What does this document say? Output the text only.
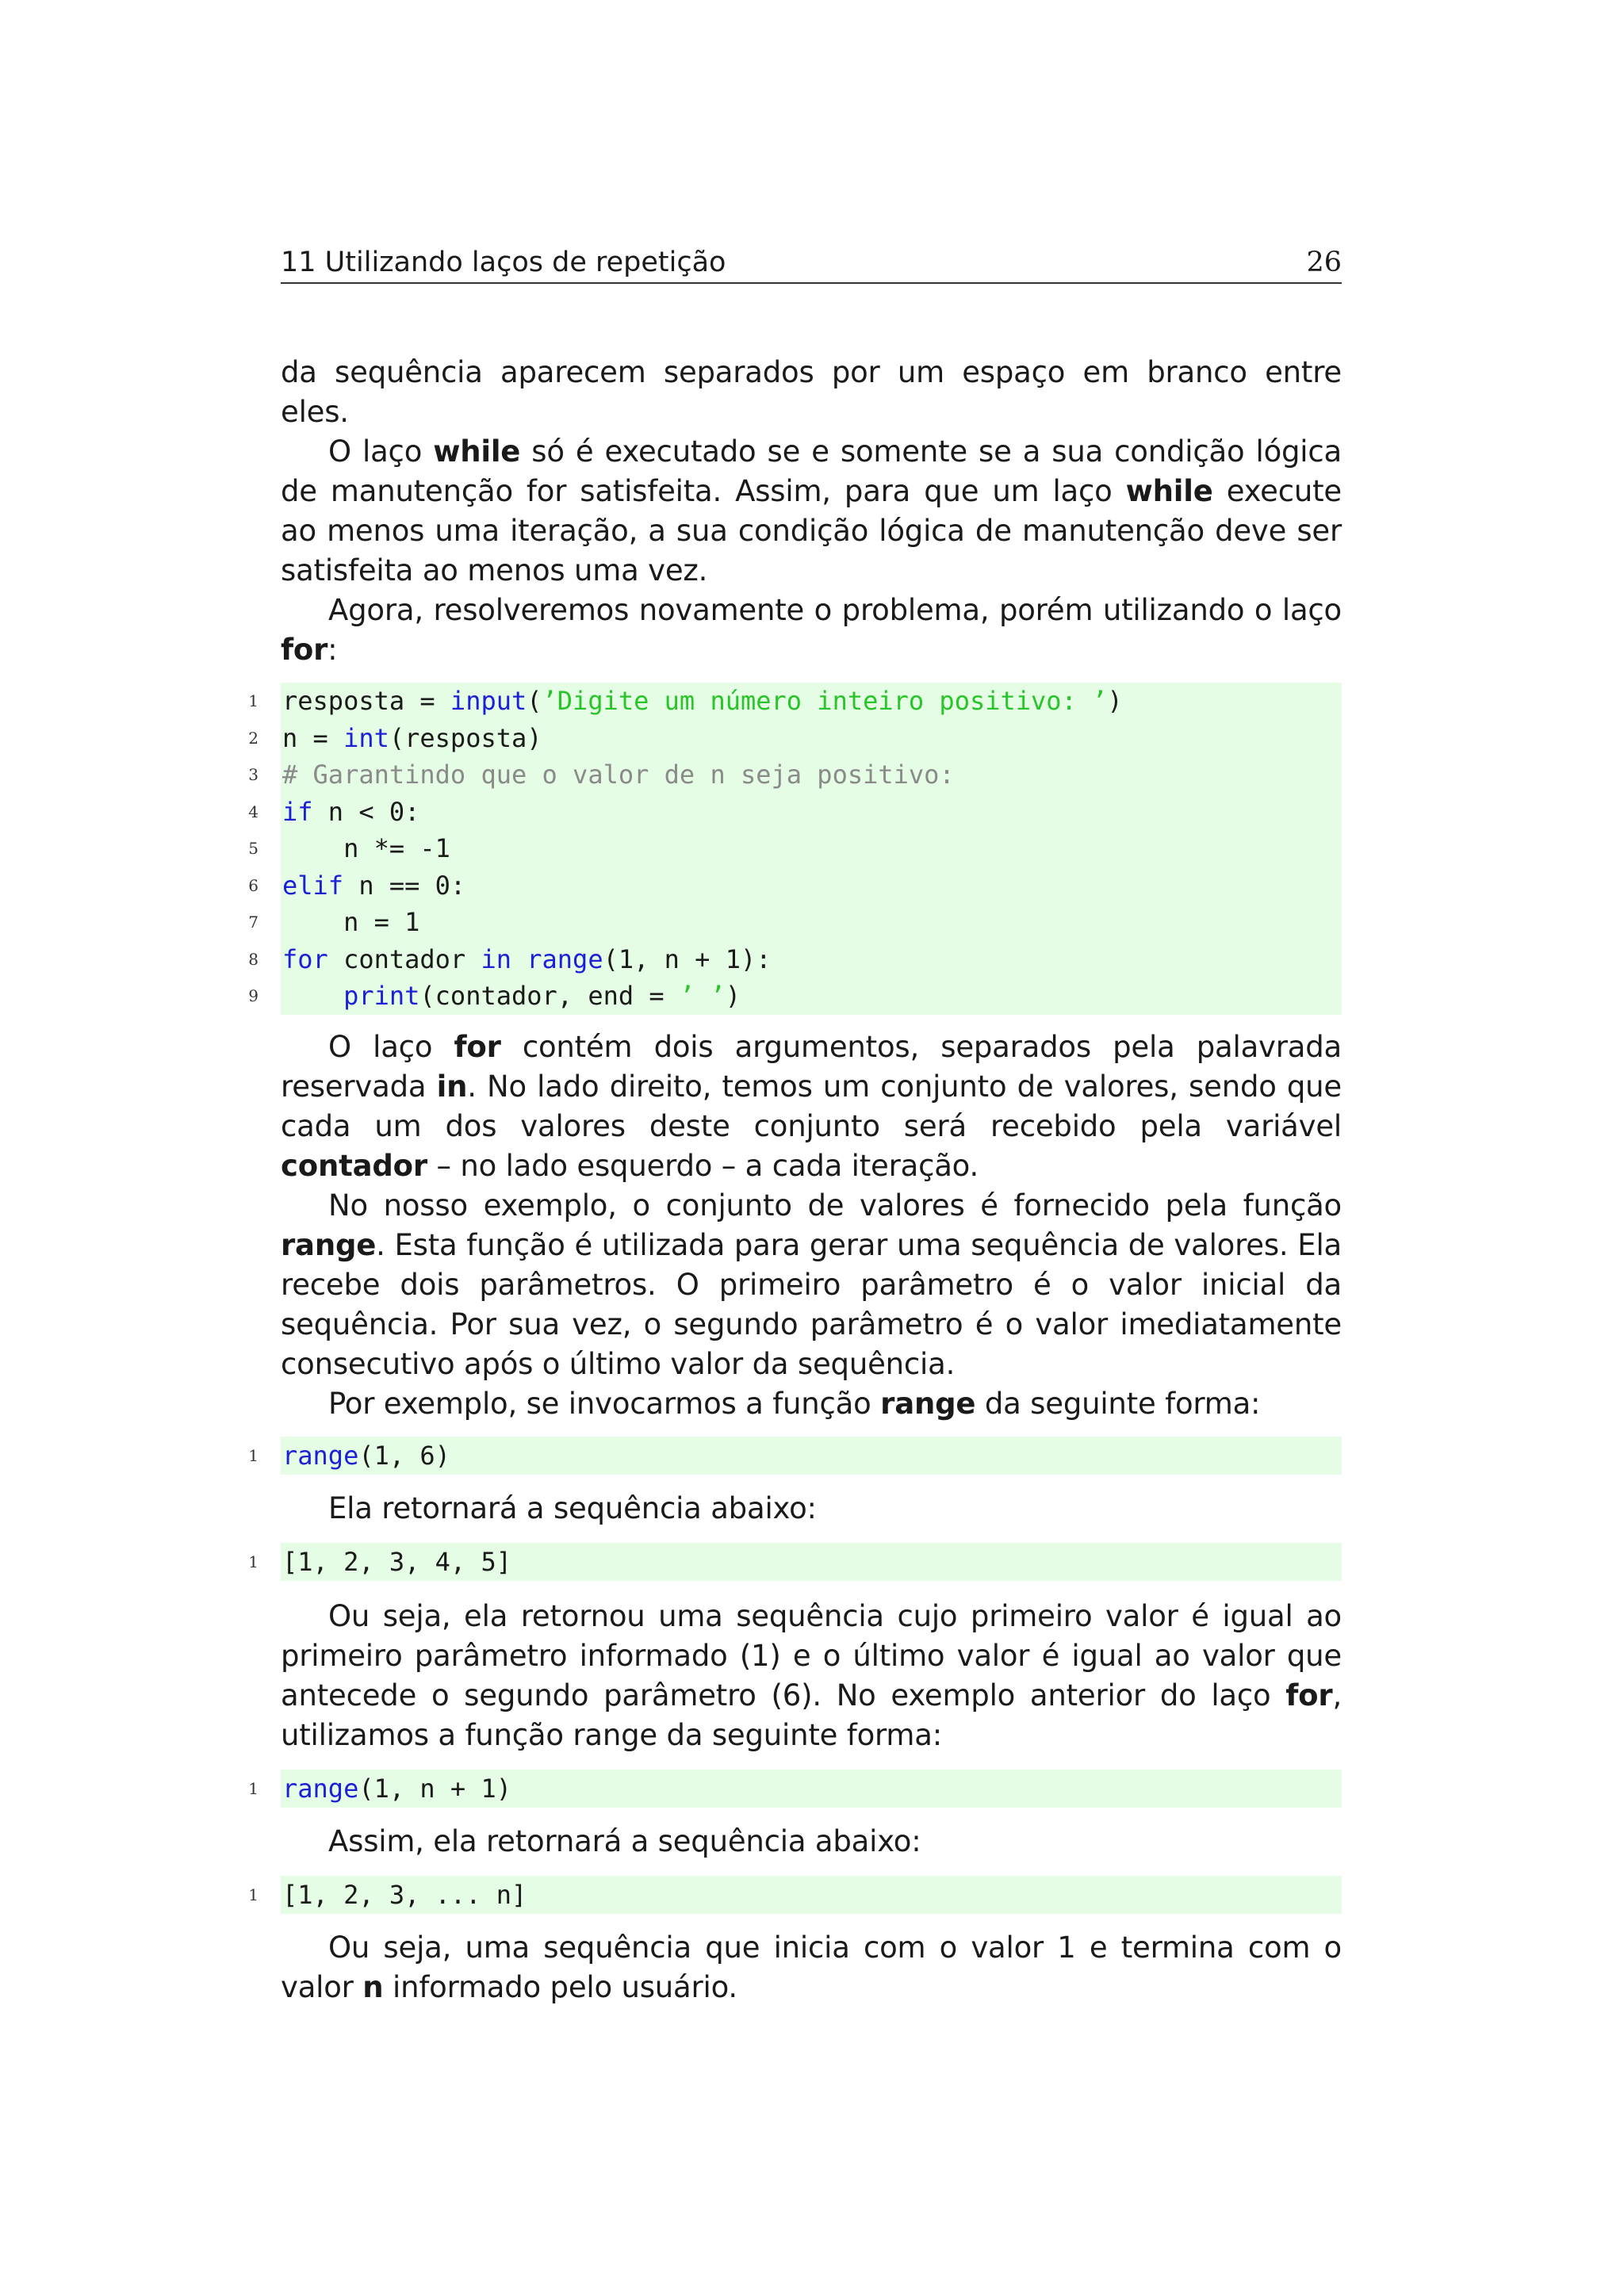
11 Utilizando laços de repetição	26

da sequência aparecem separados por um espaço em branco entre eles.

O laço while só é executado se e somente se a sua condição lógica de manutenção for satisfeita. Assim, para que um laço while execute ao menos uma iteração, a sua condição lógica de manutenção deve ser satisfeita ao menos uma vez.

Agora, resolveremos novamente o problema, porém utilizando o laço for:

1 resposta = input(’Digite um número inteiro positivo: ’)
2 n = int(resposta)
3 # Garantindo que o valor de n seja positivo:
4 if n < 0:
5 n *= -1
6 elif n == 0:
7 n = 1
8 for contador in range(1, n + 1):
9	print(contador, end = ’ ’)

O laço for contém dois argumentos, separados pela palavrada reservada in. No lado direito, temos um conjunto de valores, sendo que cada um dos valores deste conjunto será recebido pela variável contador – no lado esquerdo – a cada iteração.

No nosso exemplo, o conjunto de valores é fornecido pela função range. Esta função é utilizada para gerar uma sequência de valores. Ela recebe dois parâmetros. O primeiro parâmetro é o valor inicial da sequência. Por sua vez, o segundo parâmetro é o valor imediatamente consecutivo após o último valor da sequência.

Por exemplo, se invocarmos a função range da seguinte forma:

1 range(1, 6)

Ela retornará a sequência abaixo:

1 [1, 2, 3, 4, 5]

Ou seja, ela retornou uma sequência cujo primeiro valor é igual ao primeiro parâmetro informado (1) e o último valor é igual ao valor que antecede o segundo parâmetro (6). No exemplo anterior do laço for, utilizamos a função range da seguinte forma:

1 range(1, n + 1)

Assim, ela retornará a sequência abaixo:

1 [1, 2, 3, ... n]

Ou seja, uma sequência que inicia com o valor 1 e termina com o valor n informado pelo usuário.
